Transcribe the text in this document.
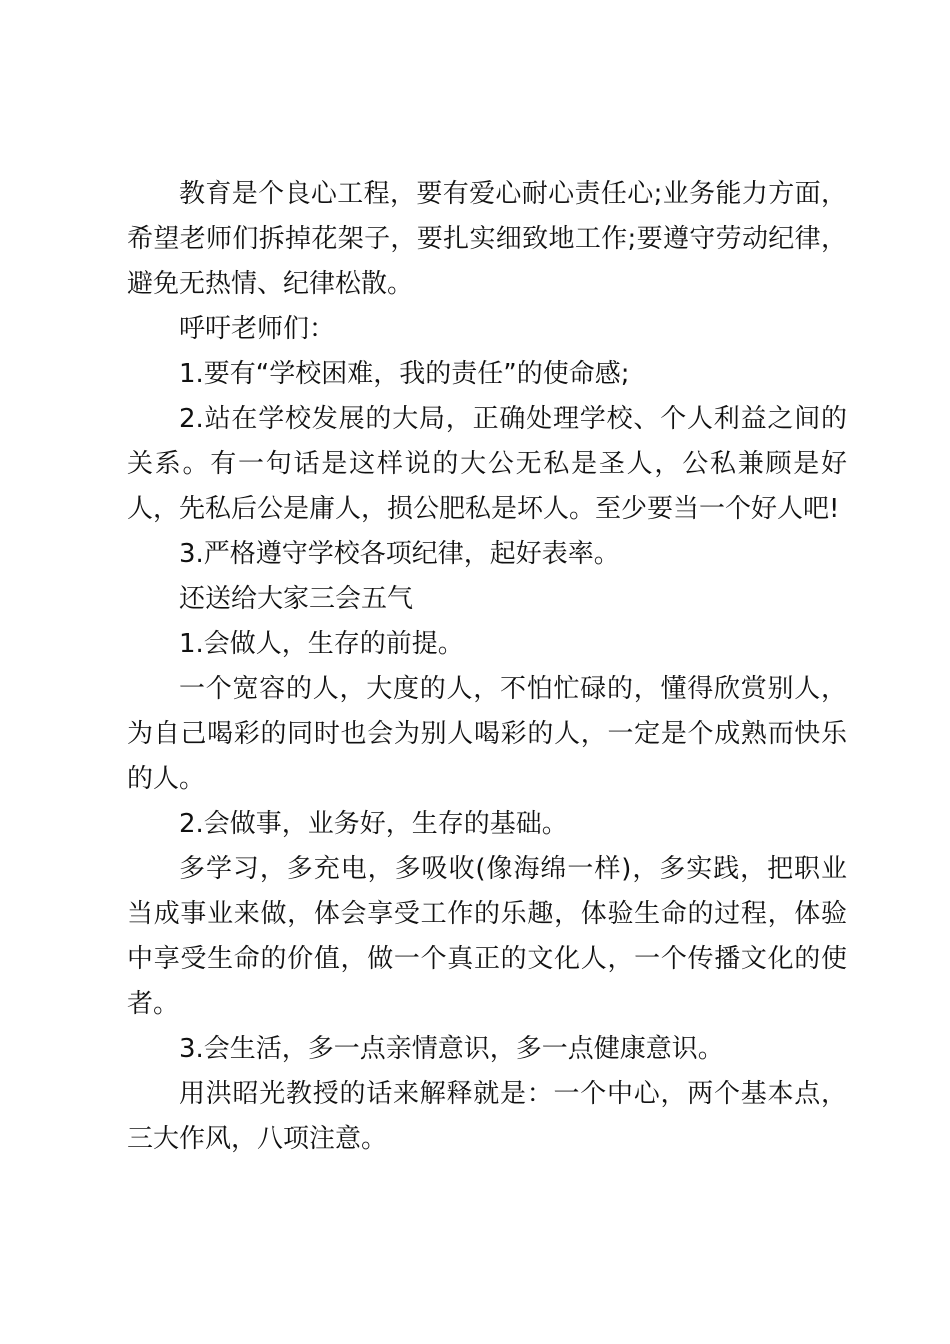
教育是个良心工程，要有爱心耐心责任心;业务能力方面，希望老师们拆掉花架子，要扎实细致地工作;要遵守劳动纪律，避免无热情、纪律松散。

呼吁老师们：

1.要有“学校困难，我的责任”的使命感;

2.站在学校发展的大局，正确处理学校、个人利益之间的关系。有一句话是这样说的大公无私是圣人，公私兼顾是好人，先私后公是庸人，损公肥私是坏人。至少要当一个好人吧!

3.严格遵守学校各项纪律，起好表率。

还送给大家三会五气

1.会做人，生存的前提。

一个宽容的人，大度的人，不怕忙碌的，懂得欣赏别人，为自己喝彩的同时也会为别人喝彩的人，一定是个成熟而快乐的人。

2.会做事，业务好，生存的基础。

多学习，多充电，多吸收(像海绵一样)，多实践，把职业当成事业来做，体会享受工作的乐趣，体验生命的过程，体验中享受生命的价值，做一个真正的文化人，一个传播文化的使者。

3.会生活，多一点亲情意识，多一点健康意识。

用洪昭光教授的话来解释就是：一个中心，两个基本点，三大作风，八项注意。
